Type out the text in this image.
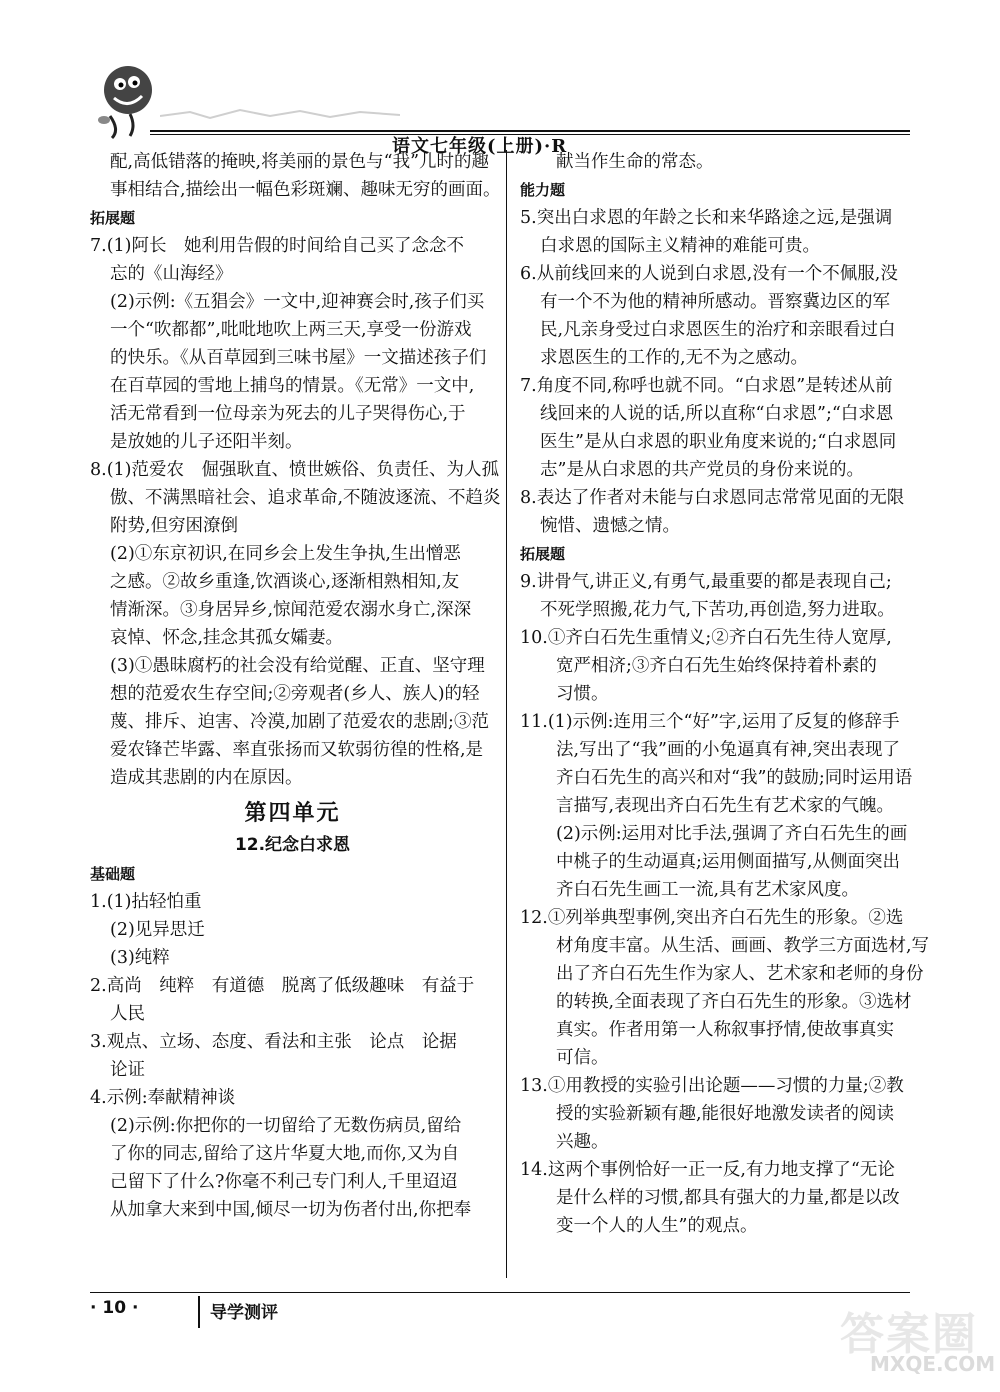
语文七年级(上册)·R
配,高低错落的掩映,将美丽的景色与“我”儿时的趣
事相结合,描绘出一幅色彩斑斓、趣味无穷的画面。
拓展题
7.(1)阿长　她利用告假的时间给自己买了念念不
忘的《山海经》
(2)示例:《五猖会》一文中,迎神赛会时,孩子们买
一个“吹都都”,吡吡地吹上两三天,享受一份游戏
的快乐。《从百草园到三味书屋》一文描述孩子们
在百草园的雪地上捕鸟的情景。《无常》一文中,
活无常看到一位母亲为死去的儿子哭得伤心,于
是放她的儿子还阳半刻。
8.(1)范爱农　倔强耿直、愤世嫉俗、负责任、为人孤
傲、不满黑暗社会、追求革命,不随波逐流、不趋炎
附势,但穷困潦倒
(2)①东京初识,在同乡会上发生争执,生出憎恶
之感。②故乡重逢,饮酒谈心,逐渐相熟相知,友
情渐深。③身居异乡,惊闻范爱农溺水身亡,深深
哀悼、怀念,挂念其孤女孀妻。
(3)①愚昧腐朽的社会没有给觉醒、正直、坚守理
想的范爱农生存空间;②旁观者(乡人、族人)的轻
蔑、排斥、迫害、冷漠,加剧了范爱农的悲剧;③范
爱农锋芒毕露、率直张扬而又软弱彷徨的性格,是
造成其悲剧的内在原因。
第四单元
12.纪念白求恩
基础题
1.(1)拈轻怕重
(2)见异思迁
(3)纯粹
2.高尚　纯粹　有道德　脱离了低级趣味　有益于
人民
3.观点、立场、态度、看法和主张　论点　论据
论证
4.示例:奉献精神谈
(2)示例:你把你的一切留给了无数伤病员,留给
了你的同志,留给了这片华夏大地,而你,又为自
己留下了什么?你毫不利己专门利人,千里迢迢
从加拿大来到中国,倾尽一切为伤者付出,你把奉
献当作生命的常态。
能力题
5.突出白求恩的年龄之长和来华路途之远,是强调
白求恩的国际主义精神的难能可贵。
6.从前线回来的人说到白求恩,没有一个不佩服,没
有一个不为他的精神所感动。晋察冀边区的军
民,凡亲身受过白求恩医生的治疗和亲眼看过白
求恩医生的工作的,无不为之感动。
7.角度不同,称呼也就不同。“白求恩”是转述从前
线回来的人说的话,所以直称“白求恩”;“白求恩
医生”是从白求恩的职业角度来说的;“白求恩同
志”是从白求恩的共产党员的身份来说的。
8.表达了作者对未能与白求恩同志常常见面的无限
惋惜、遗憾之情。
拓展题
9.讲骨气,讲正义,有勇气,最重要的都是表现自己;
不死学照搬,花力气,下苦功,再创造,努力进取。
10.①齐白石先生重情义;②齐白石先生待人宽厚,
宽严相济;③齐白石先生始终保持着朴素的
习惯。
11.(1)示例:连用三个“好”字,运用了反复的修辞手
法,写出了“我”画的小兔逼真有神,突出表现了
齐白石先生的高兴和对“我”的鼓励;同时运用语
言描写,表现出齐白石先生有艺术家的气魄。
(2)示例:运用对比手法,强调了齐白石先生的画
中桃子的生动逼真;运用侧面描写,从侧面突出
齐白石先生画工一流,具有艺术家风度。
12.①列举典型事例,突出齐白石先生的形象。②选
材角度丰富。从生活、画画、教学三方面选材,写
出了齐白石先生作为家人、艺术家和老师的身份
的转换,全面表现了齐白石先生的形象。③选材
真实。作者用第一人称叙事抒情,使故事真实
可信。
13.①用教授的实验引出论题——习惯的力量;②教
授的实验新颖有趣,能很好地激发读者的阅读
兴趣。
14.这两个事例恰好一正一反,有力地支撑了“无论
是什么样的习惯,都具有强大的力量,都是以改
变一个人的人生”的观点。
· 10 ·	导学测评	答案圈
MXQE.COM
